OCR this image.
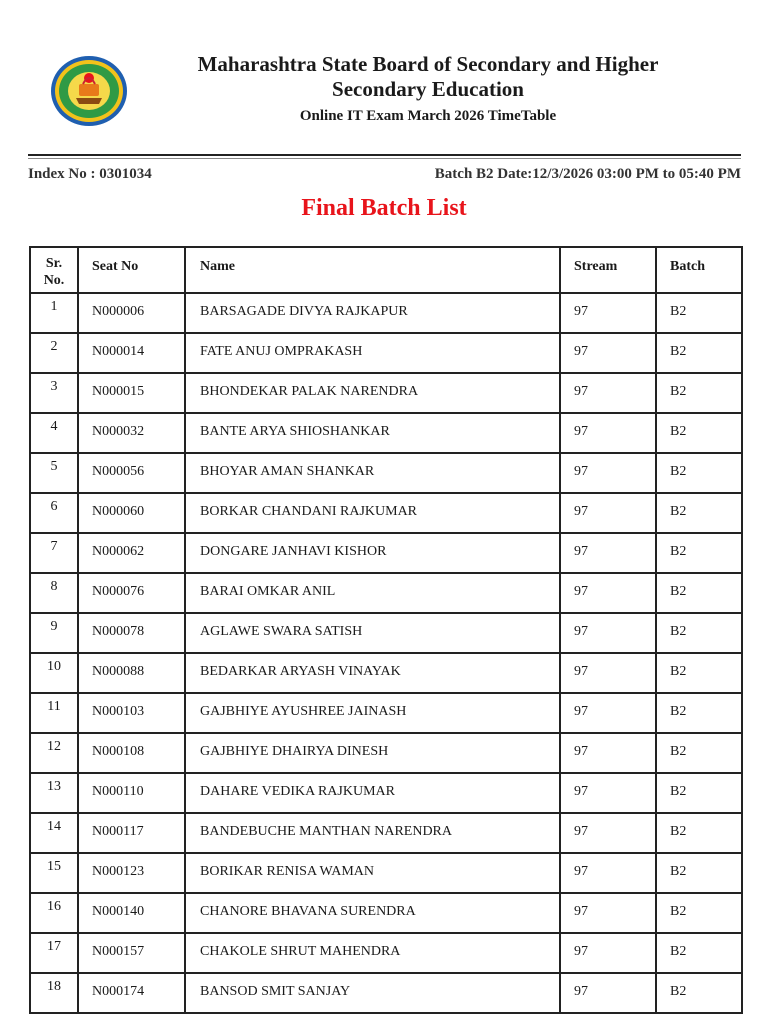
Maharashtra State Board of Secondary and Higher
Secondary Education
Online IT Exam March 2026 TimeTable
Index No : 0301034	Batch B2 Date:12/3/2026 03:00 PM to 05:40 PM
Final Batch List
Sr.
No.	Seat No	Name	Stream	Batch
1	N000006	BARSAGADE DIVYA RAJKAPUR	97	B2
2	N000014	FATE ANUJ OMPRAKASH	97	B2
3	N000015	BHONDEKAR PALAK NARENDRA	97	B2
4	N000032	BANTE ARYA SHIOSHANKAR	97	B2
5	N000056	BHOYAR AMAN SHANKAR	97	B2
6	N000060	BORKAR CHANDANI RAJKUMAR	97	B2
7	N000062	DONGARE JANHAVI KISHOR	97	B2
8	N000076	BARAI OMKAR ANIL	97	B2
9	N000078	AGLAWE SWARA SATISH	97	B2
10	N000088	BEDARKAR ARYASH VINAYAK	97	B2
11	N000103	GAJBHIYE AYUSHREE JAINASH	97	B2
12	N000108	GAJBHIYE DHAIRYA DINESH	97	B2
13	N000110	DAHARE VEDIKA RAJKUMAR	97	B2
14	N000117	BANDEBUCHE MANTHAN NARENDRA	97	B2
15	N000123	BORIKAR RENISA WAMAN	97	B2
16	N000140	CHANORE BHAVANA SURENDRA	97	B2
17	N000157	CHAKOLE SHRUT MAHENDRA	97	B2
18	N000174	BANSOD SMIT SANJAY	97	B2
